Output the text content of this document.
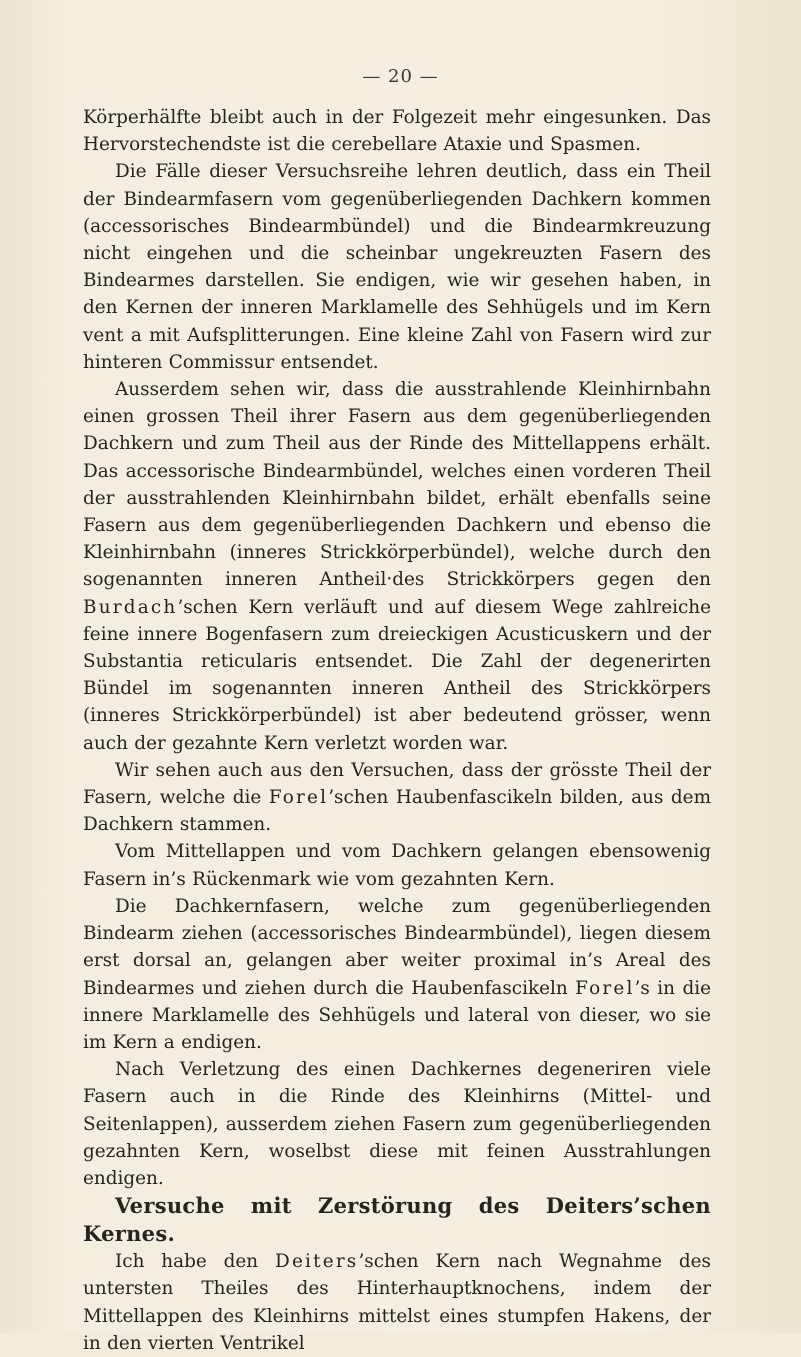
— 20 —

Körperhälfte bleibt auch in der Folgezeit mehr eingesunken. Das Hervorstechendste ist die cerebellare Ataxie und Spasmen.

Die Fälle dieser Versuchsreihe lehren deutlich, dass ein Theil der Bindearmfasern vom gegenüberliegenden Dachkern kommen (accessorisches Bindearmbündel) und die Bindearmkreuzung nicht eingehen und die scheinbar ungekreuzten Fasern des Bindearmes darstellen. Sie endigen, wie wir gesehen haben, in den Kernen der inneren Marklamelle des Sehhügels und im Kern vent a mit Aufsplitterungen. Eine kleine Zahl von Fasern wird zur hinteren Commissur entsendet.

Ausserdem sehen wir, dass die ausstrahlende Kleinhirnbahn einen grossen Theil ihrer Fasern aus dem gegenüberliegenden Dachkern und zum Theil aus der Rinde des Mittellappens erhält. Das accessorische Bindearmbündel, welches einen vorderen Theil der ausstrahlenden Kleinhirnbahn bildet, erhält ebenfalls seine Fasern aus dem gegenüberliegenden Dachkern und ebenso die Kleinhirnbahn (inneres Strickkörperbündel), welche durch den sogenannten inneren Antheil·des Strickkörpers gegen den Burdach’schen Kern verläuft und auf diesem Wege zahlreiche feine innere Bogenfasern zum dreieckigen Acusticuskern und der Substantia reticularis entsendet. Die Zahl der degenerirten Bündel im sogenannten inneren Antheil des Strickkörpers (inneres Strickkörperbündel) ist aber bedeutend grösser, wenn auch der gezahnte Kern verletzt worden war.

Wir sehen auch aus den Versuchen, dass der grösste Theil der Fasern, welche die Forel’schen Haubenfascikeln bilden, aus dem Dachkern stammen.

Vom Mittellappen und vom Dachkern gelangen ebensowenig Fasern in’s Rückenmark wie vom gezahnten Kern.

Die Dachkernfasern, welche zum gegenüberliegenden Bindearm ziehen (accessorisches Bindearmbündel), liegen diesem erst dorsal an, gelangen aber weiter proximal in’s Areal des Bindearmes und ziehen durch die Haubenfascikeln Forel’s in die innere Marklamelle des Sehhügels und lateral von dieser, wo sie im Kern a endigen.

Nach Verletzung des einen Dachkernes degeneriren viele Fasern auch in die Rinde des Kleinhirns (Mittel- und Seitenlappen), ausserdem ziehen Fasern zum gegenüberliegenden gezahnten Kern, woselbst diese mit feinen Ausstrahlungen endigen.

Versuche mit Zerstörung des Deiters’schen Kernes.

Ich habe den Deiters’schen Kern nach Wegnahme des untersten Theiles des Hinterhauptknochens, indem der Mittellappen des Kleinhirns mittelst eines stumpfen Hakens, der in den vierten Ventrikel
